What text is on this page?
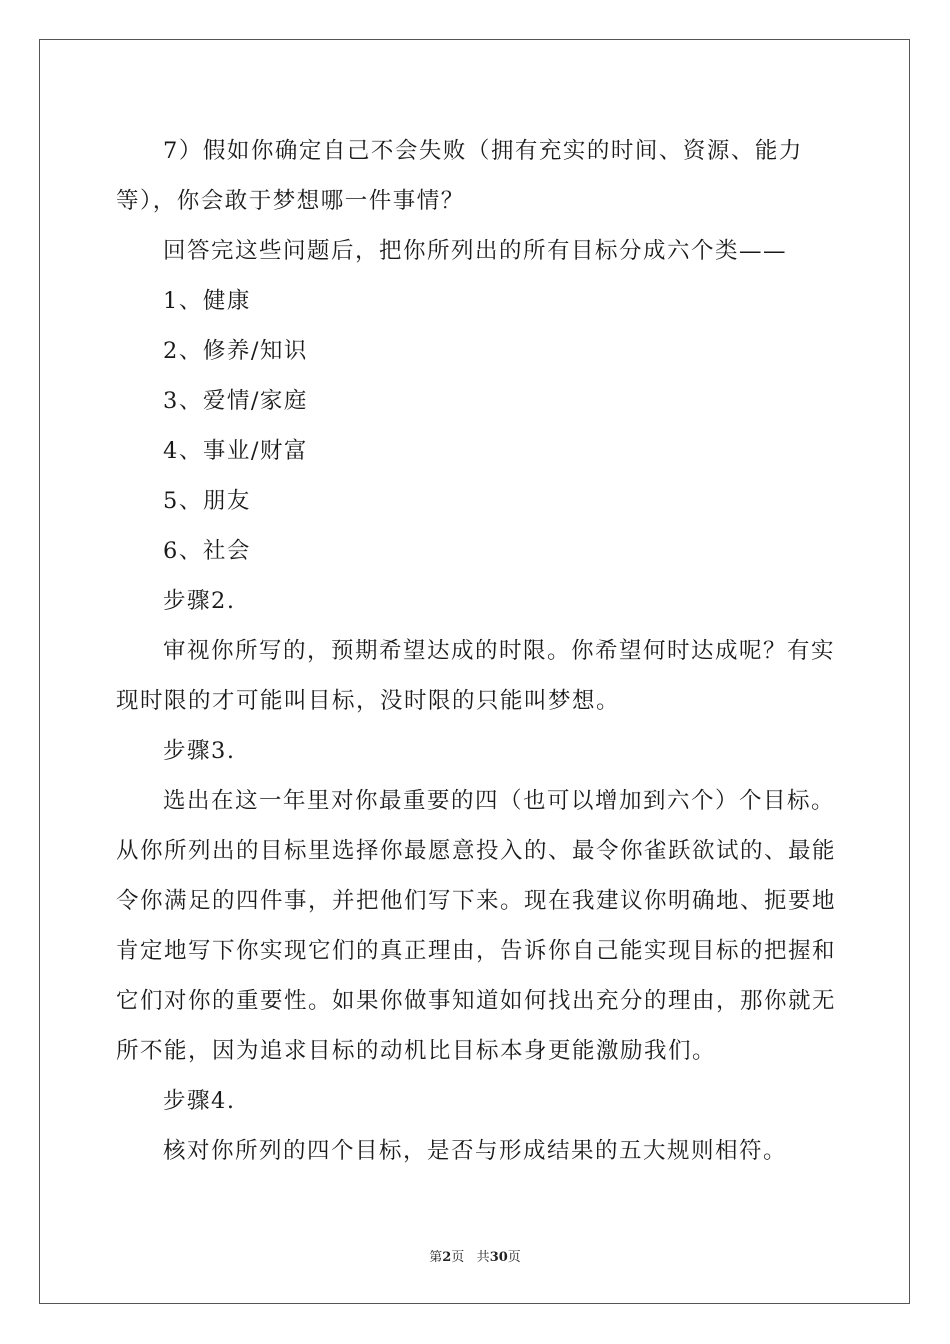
7）假如你确定自己不会失败（拥有充实的时间、资源、能力等），你会敢于梦想哪一件事情？

回答完这些问题后，把你所列出的所有目标分成六个类——

1、健康

2、修养/知识

3、爱情/家庭

4、事业/财富

5、朋友

6、社会

步骤2.

审视你所写的，预期希望达成的时限。你希望何时达成呢？有实现时限的才可能叫目标，没时限的只能叫梦想。

步骤3.

选出在这一年里对你最重要的四（也可以增加到六个）个目标。从你所列出的目标里选择你最愿意投入的、最令你雀跃欲试的、最能令你满足的四件事，并把他们写下来。现在我建议你明确地、扼要地肯定地写下你实现它们的真正理由，告诉你自己能实现目标的把握和它们对你的重要性。如果你做事知道如何找出充分的理由，那你就无所不能，因为追求目标的动机比目标本身更能激励我们。

步骤4.

核对你所列的四个目标，是否与形成结果的五大规则相符。

第2页 共30页
